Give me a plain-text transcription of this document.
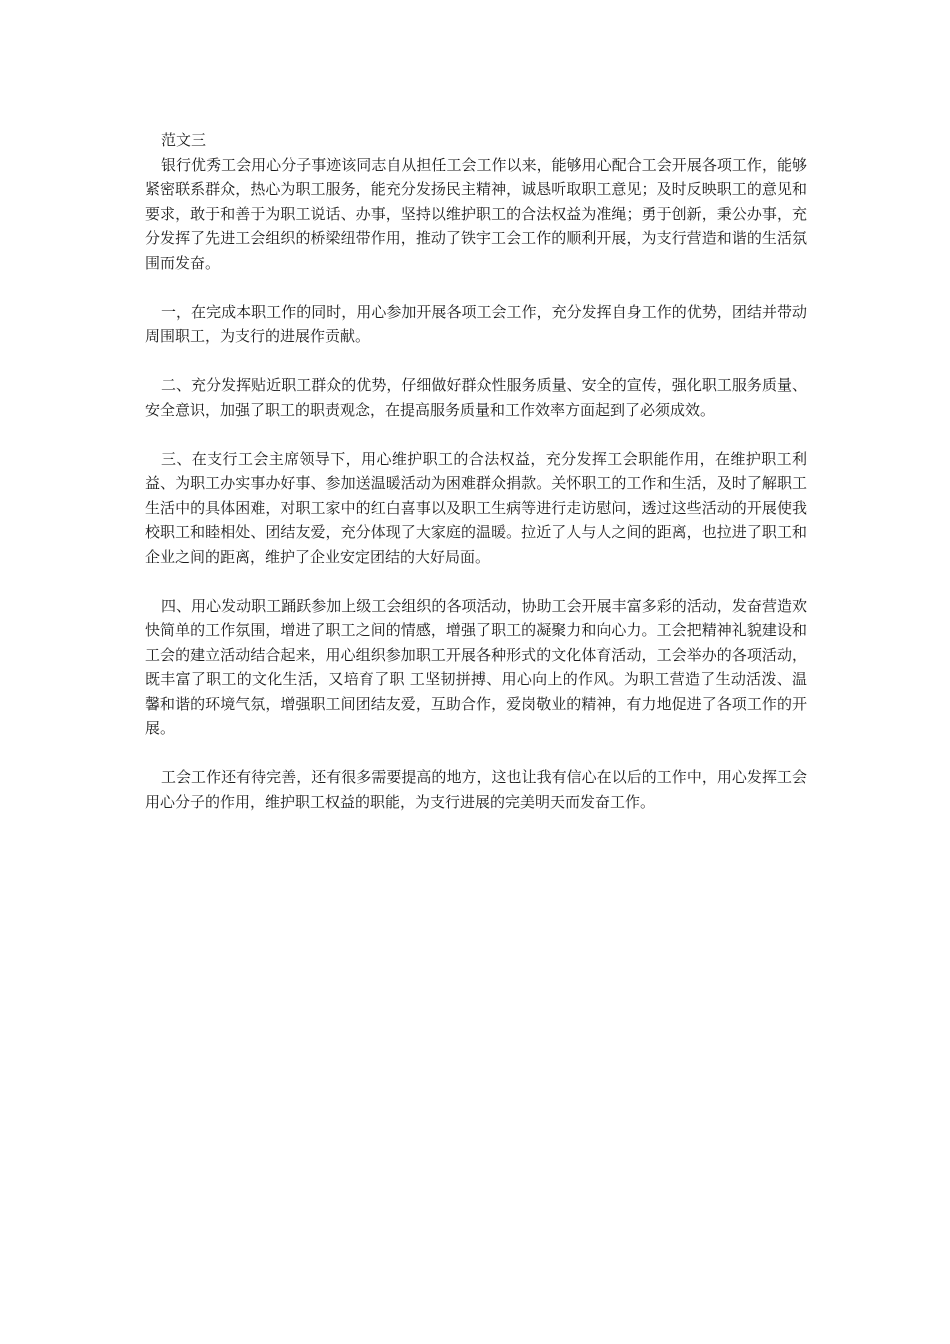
范文三

银行优秀工会用心分子事迹该同志自从担任工会工作以来，能够用心配合工会开展各项工作，能够紧密联系群众，热心为职工服务，能充分发扬民主精神，诚恳听取职工意见；及时反映职工的意见和要求，敢于和善于为职工说话、办事，坚持以维护职工的合法权益为准绳；勇于创新，秉公办事，充分发挥了先进工会组织的桥梁纽带作用，推动了铁宇工会工作的顺利开展，为支行营造和谐的生活氛围而发奋。

一，在完成本职工作的同时，用心参加开展各项工会工作，充分发挥自身工作的优势，团结并带动周围职工，为支行的进展作贡献。

二、充分发挥贴近职工群众的优势，仔细做好群众性服务质量、安全的宣传，强化职工服务质量、安全意识，加强了职工的职责观念，在提高服务质量和工作效率方面起到了必须成效。

三、在支行工会主席领导下，用心维护职工的合法权益，充分发挥工会职能作用，在维护职工利益、为职工办实事办好事、参加送温暖活动为困难群众捐款。关怀职工的工作和生活，及时了解职工生活中的具体困难，对职工家中的红白喜事以及职工生病等进行走访慰问，透过这些活动的开展使我校职工和睦相处、团结友爱，充分体现了大家庭的温暖。拉近了人与人之间的距离，也拉进了职工和企业之间的距离，维护了企业安定团结的大好局面。

四、用心发动职工踊跃参加上级工会组织的各项活动，协助工会开展丰富多彩的活动，发奋营造欢快简单的工作氛围，增进了职工之间的情感，增强了职工的凝聚力和向心力。工会把精神礼貌建设和工会的建立活动结合起来，用心组织参加职工开展各种形式的文化体育活动，工会举办的各项活动，既丰富了职工的文化生活，又培育了职 工坚韧拼搏、用心向上的作风。为职工营造了生动活泼、温馨和谐的环境气氛，增强职工间团结友爱，互助合作，爱岗敬业的精神，有力地促进了各项工作的开展。

工会工作还有待完善，还有很多需要提高的地方，这也让我有信心在以后的工作中，用心发挥工会用心分子的作用，维护职工权益的职能，为支行进展的完美明天而发奋工作。
